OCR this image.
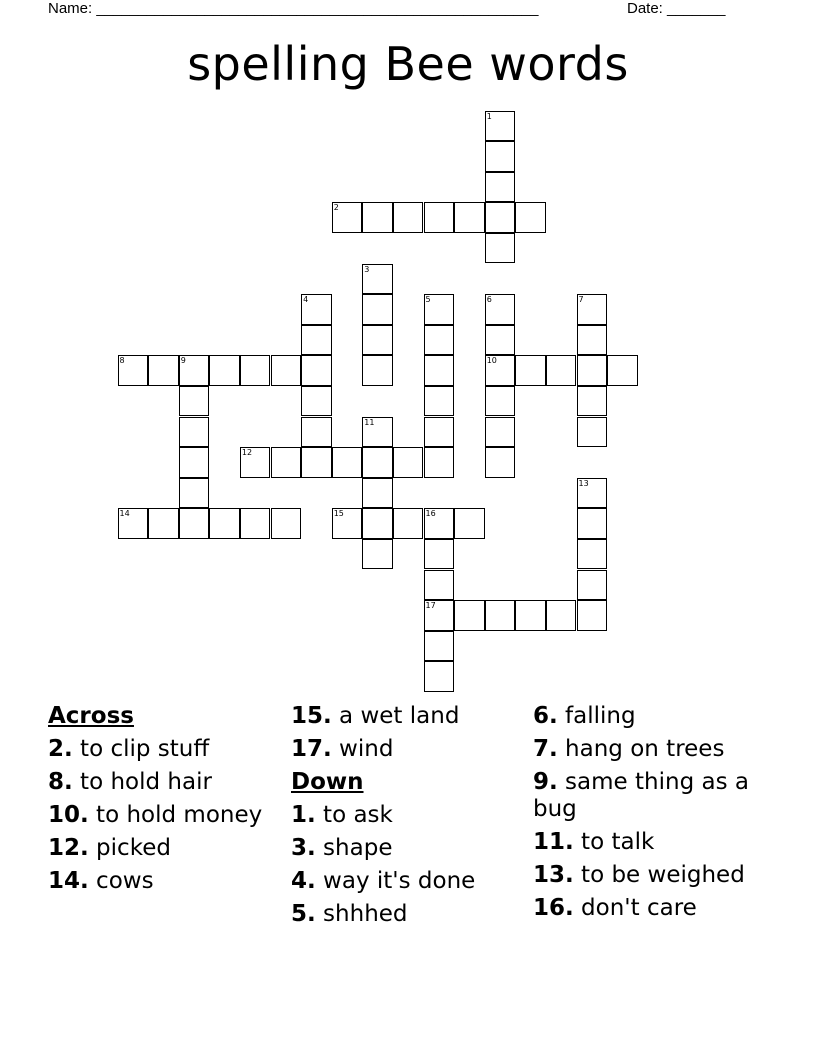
Name: _____________________________________________________	Date: _______
spelling Bee words
1
2
3
4	5	6	7
8	9	10
11
12
13
14	15	16
17
Across
2. to clip stuff
8. to hold hair
10. to hold money
12. picked
14. cows
15. a wet land
17. wind
Down
1. to ask
3. shape
4. way it's done
5. shhhed
6. falling
7. hang on trees
9. same thing as a bug
11. to talk
13. to be weighed
16. don't care
